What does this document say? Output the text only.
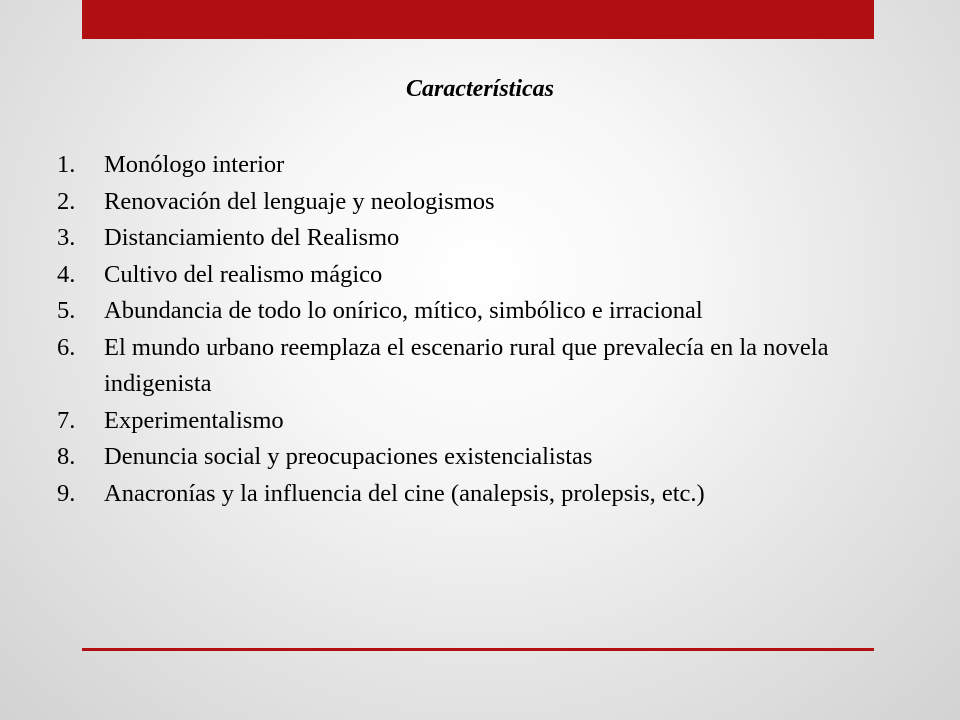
Características
1. Monólogo interior
2. Renovación del lenguaje y neologismos
3. Distanciamiento del Realismo
4. Cultivo del realismo mágico
5. Abundancia de todo lo onírico, mítico, simbólico e irracional
6. El mundo urbano reemplaza el escenario rural que prevalecía en la novela indigenista
7. Experimentalismo
8. Denuncia social y preocupaciones existencialistas
9. Anacronías y la influencia del cine (analepsis, prolepsis, etc.)
